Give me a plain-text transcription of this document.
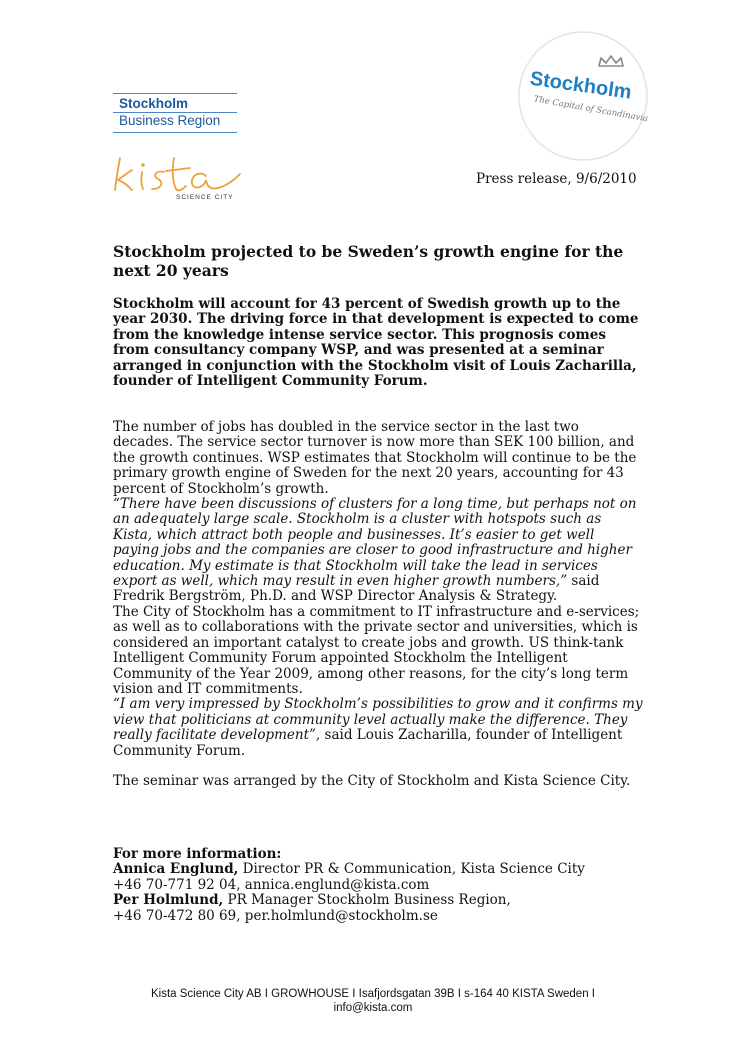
Stockholm
Business Region
SCIENCE CITY
Stockholm
The Capital of Scandinavia
Press release, 9/6/2010
Stockholm projected to be Sweden’s growth engine for the next 20 years
Stockholm will account for 43 percent of Swedish growth up to the year 2030. The driving force in that development is expected to come from the knowledge intense service sector. This prognosis comes from consultancy company WSP, and was presented at a seminar arranged in conjunction with the Stockholm visit of Louis Zacharilla, founder of Intelligent Community Forum.

The number of jobs has doubled in the service sector in the last two decades. The service sector turnover is now more than SEK 100 billion, and the growth continues. WSP estimates that Stockholm will continue to be the primary growth engine of Sweden for the next 20 years, accounting for 43 percent of Stockholm’s growth.

“There have been discussions of clusters for a long time, but perhaps not on an adequately large scale. Stockholm is a cluster with hotspots such as Kista, which attract both people and businesses. It’s easier to get well paying jobs and the companies are closer to good infrastructure and higher education. My estimate is that Stockholm will take the lead in services export as well, which may result in even higher growth numbers,” said Fredrik Bergström, Ph.D. and WSP Director Analysis & Strategy.

The City of Stockholm has a commitment to IT infrastructure and e-services; as well as to collaborations with the private sector and universities, which is considered an important catalyst to create jobs and growth. US think-tank Intelligent Community Forum appointed Stockholm the Intelligent Community of the Year 2009, among other reasons, for the city’s long term vision and IT commitments.

“I am very impressed by Stockholm’s possibilities to grow and it confirms my view that politicians at community level actually make the difference. They really facilitate development”, said Louis Zacharilla, founder of Intelligent Community Forum.

The seminar was arranged by the City of Stockholm and Kista Science City.

For more information:
Annica Englund, Director PR & Communication, Kista Science City
+46 70-771 92 04, annica.englund@kista.com
Per Holmlund, PR Manager Stockholm Business Region,
+46 70-472 80 69, per.holmlund@stockholm.se
Kista Science City AB I GROWHOUSE I Isafjordsgatan 39B I s-164 40 KISTA Sweden I
info@kista.com
